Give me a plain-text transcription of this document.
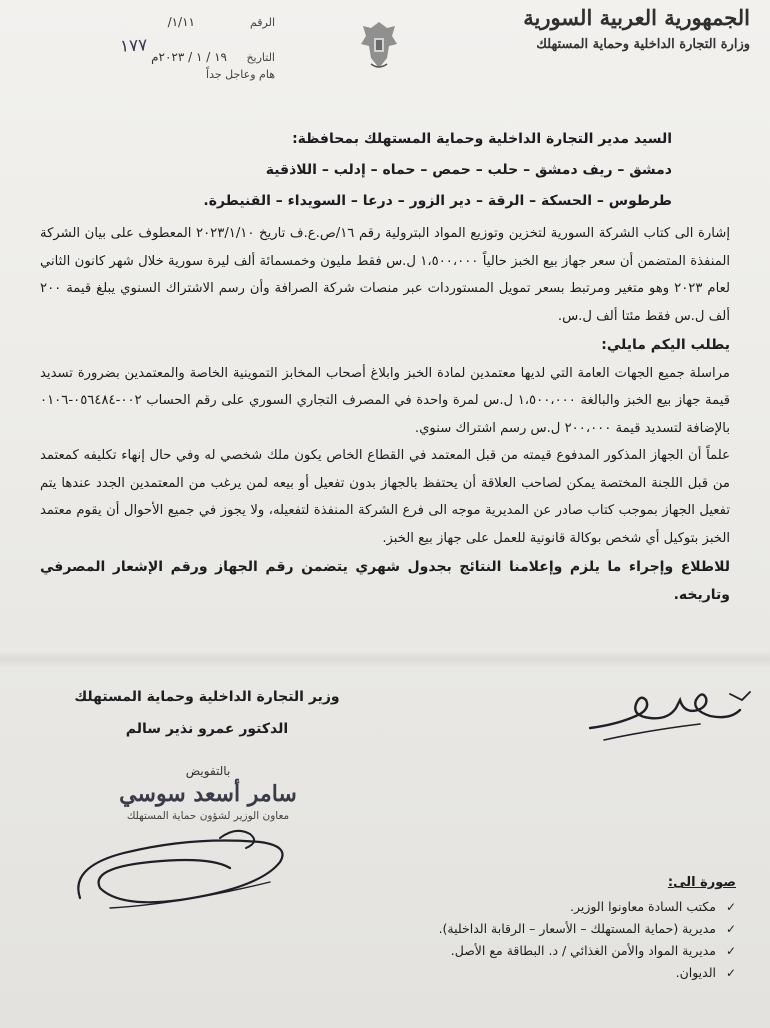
الجمهورية العربية السورية
وزارة التجارة الداخلية وحماية المستهلك
الرقم
١/١١/
التاريخ
١٩ / ١ / ٢٠٢٣م
هام وعاجل جداً
١٧٧
السيد مدير التجارة الداخلية وحماية المستهلك بمحافظة:
دمشق – ريف دمشق – حلب – حمص – حماه – إدلب – اللاذقية
طرطوس – الحسكة – الرقة – دير الزور – درعا – السويداء – القنيطرة.

إشارة الى كتاب الشركة السورية لتخزين وتوزيع المواد البترولية رقم ١٦/ص.ع.ف تاريخ ٢٠٢٣/١/١٠ المعطوف على بيان الشركة المنفذة المتضمن أن سعر جهاز بيع الخبز حالياً ١،٥٠٠،٠٠٠ ل.س فقط مليون وخمسمائة ألف ليرة سورية خلال شهر كانون الثاني لعام ٢٠٢٣ وهو متغير ومرتبط بسعر تمويل المستوردات عبر منصات شركة الصرافة وأن رسم الاشتراك السنوي يبلغ قيمة ٢٠٠ ألف ل.س فقط مئتا ألف ل.س.

يطلب اليكم مايلي:

مراسلة جميع الجهات العامة التي لديها معتمدين لمادة الخبز وابلاغ أصحاب المخابز التموينية الخاصة والمعتمدين بضرورة تسديد قيمة جهاز بيع الخبز والبالغة ١،٥٠٠،٠٠٠ ل.س لمرة واحدة في المصرف التجاري السوري على رقم الحساب ٠٠٢-٠٥٦٤٨٤-٠١٠٦ بالإضافة لتسديد قيمة ٢٠٠،٠٠٠ ل.س رسم اشتراك سنوي.

علماً أن الجهاز المذكور المدفوع قيمته من قبل المعتمد في القطاع الخاص يكون ملك شخصي له وفي حال إنهاء تكليفه كمعتمد من قبل اللجنة المختصة يمكن لصاحب العلاقة أن يحتفظ بالجهاز بدون تفعيل أو بيعه لمن يرغب من المعتمدين الجدد عندها يتم تفعيل الجهاز بموجب كتاب صادر عن المديرية موجه الى فرع الشركة المنفذة لتفعيله، ولا يجوز في جميع الأحوال أن يقوم معتمد الخبز بتوكيل أي شخص بوكالة قانونية للعمل على جهاز بيع الخبز.

للاطلاع وإجراء ما يلزم وإعلامنا النتائج بجدول شهري يتضمن رقم الجهاز ورقم الإشعار المصرفي وتاريخه.

وزير التجارة الداخلية وحماية المستهلك
الدكتور عمرو نذير سالم
بالتفويض
سامر أسعد سوسي
معاون الوزير لشؤون حماية المستهلك
صورة الى:
✓
مكتب السادة معاونوا الوزير.
✓
مديرية (حماية المستهلك – الأسعار – الرقابة الداخلية).
✓
مديرية المواد والأمن الغذائي / د. البطاقة مع الأصل.
✓
الديوان.
